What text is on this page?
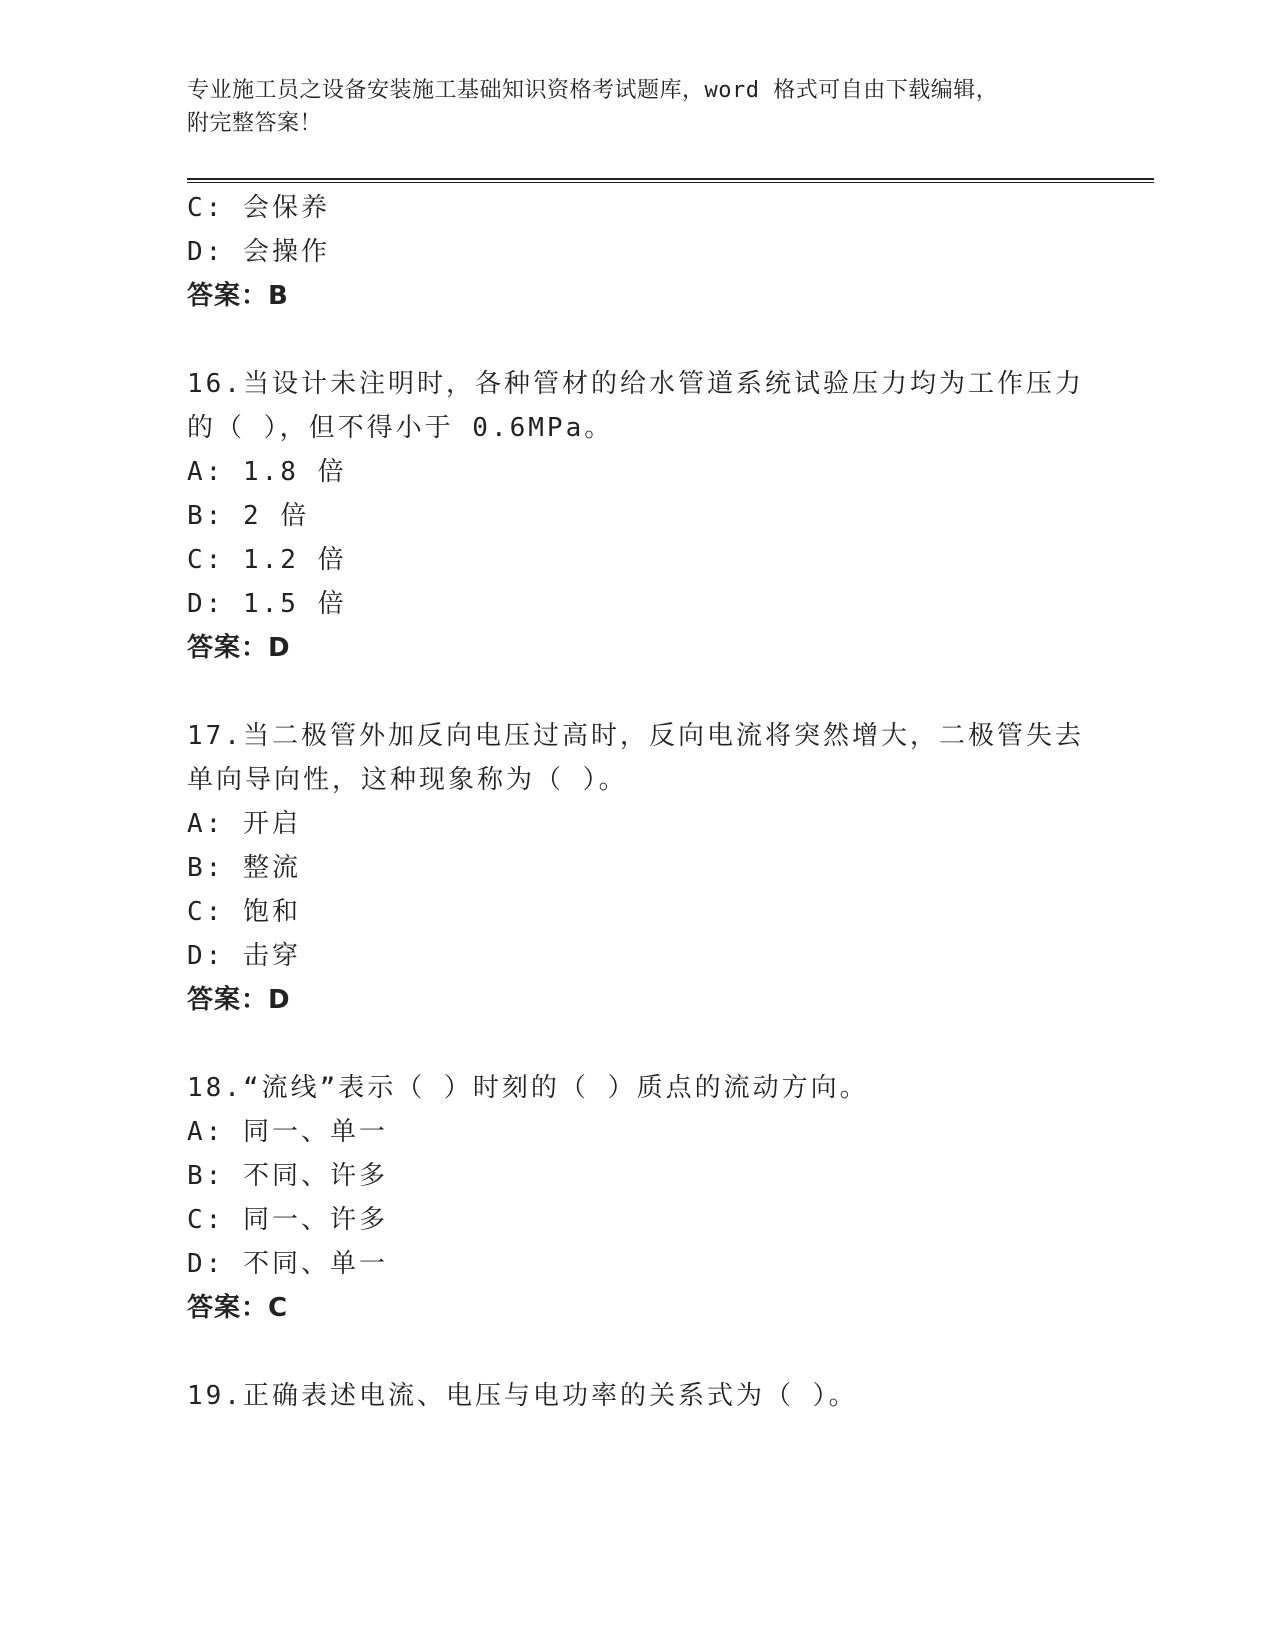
专业施工员之设备安装施工基础知识资格考试题库，word 格式可自由下载编辑，
附完整答案！
C: 会保养
D: 会操作
答案：B
16.当设计未注明时，各种管材的给水管道系统试验压力均为工作压力
的（ ），但不得小于 0.6MPa。
A: 1.8 倍
B: 2 倍
C: 1.2 倍
D: 1.5 倍
答案：D
17.当二极管外加反向电压过高时，反向电流将突然增大，二极管失去
单向导向性，这种现象称为（ ）。
A: 开启
B: 整流
C: 饱和
D: 击穿
答案：D
18.“流线”表示（ ）时刻的（ ）质点的流动方向。
A: 同一、单一
B: 不同、许多
C: 同一、许多
D: 不同、单一
答案：C
19.正确表述电流、电压与电功率的关系式为（ ）。
